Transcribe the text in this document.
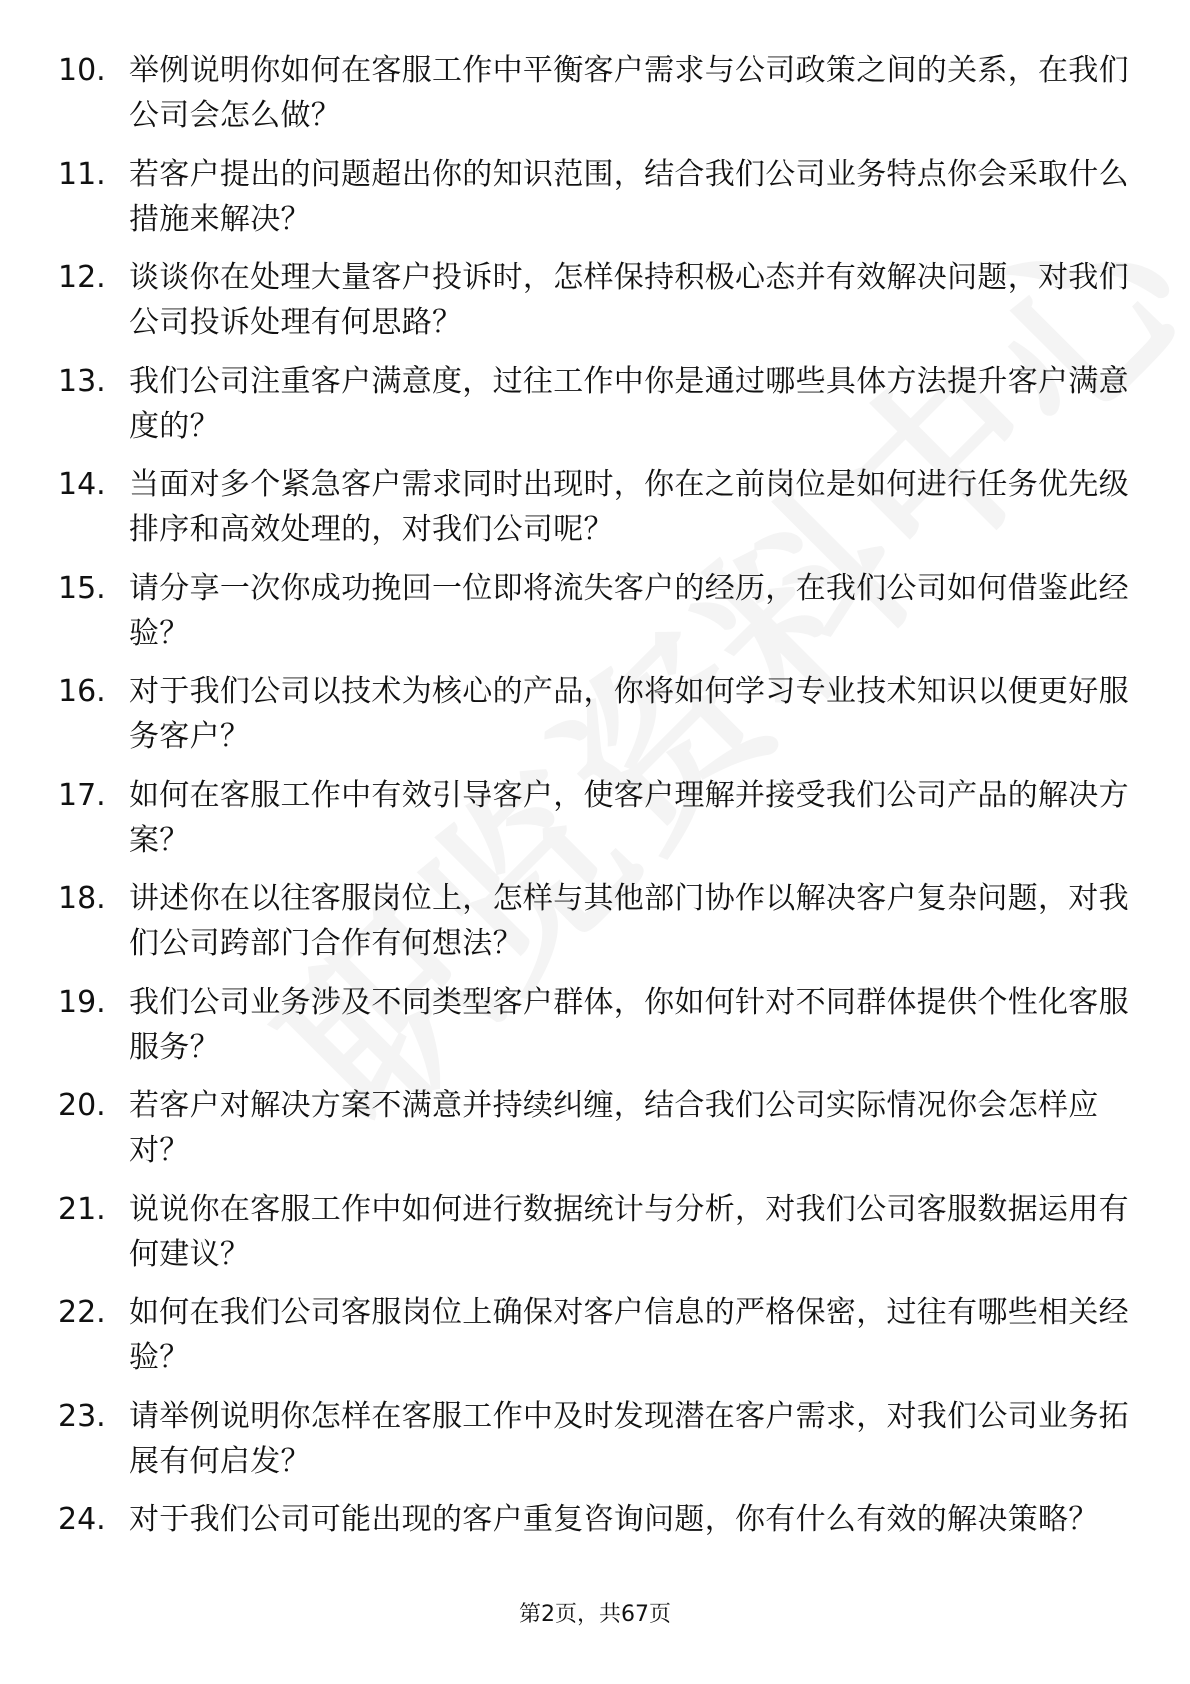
10. 举例说明你如何在客服工作中平衡客户需求与公司政策之间的关系，在我们公司会怎么做？
11. 若客户提出的问题超出你的知识范围，结合我们公司业务特点你会采取什么措施来解决？
12. 谈谈你在处理大量客户投诉时，怎样保持积极心态并有效解决问题，对我们公司投诉处理有何思路？
13. 我们公司注重客户满意度，过往工作中你是通过哪些具体方法提升客户满意度的？
14. 当面对多个紧急客户需求同时出现时，你在之前岗位是如何进行任务优先级排序和高效处理的，对我们公司呢？
15. 请分享一次你成功挽回一位即将流失客户的经历，在我们公司如何借鉴此经验？
16. 对于我们公司以技术为核心的产品，你将如何学习专业技术知识以便更好服务客户？
17. 如何在客服工作中有效引导客户，使客户理解并接受我们公司产品的解决方案？
18. 讲述你在以往客服岗位上，怎样与其他部门协作以解决客户复杂问题，对我们公司跨部门合作有何想法？
19. 我们公司业务涉及不同类型客户群体，你如何针对不同群体提供个性化客服服务？
20. 若客户对解决方案不满意并持续纠缠，结合我们公司实际情况你会怎样应对？
21. 说说你在客服工作中如何进行数据统计与分析，对我们公司客服数据运用有何建议？
22. 如何在我们公司客服岗位上确保对客户信息的严格保密，过往有哪些相关经验？
23. 请举例说明你怎样在客服工作中及时发现潜在客户需求，对我们公司业务拓展有何启发？
24. 对于我们公司可能出现的客户重复咨询问题，你有什么有效的解决策略？
第2页，共67页
